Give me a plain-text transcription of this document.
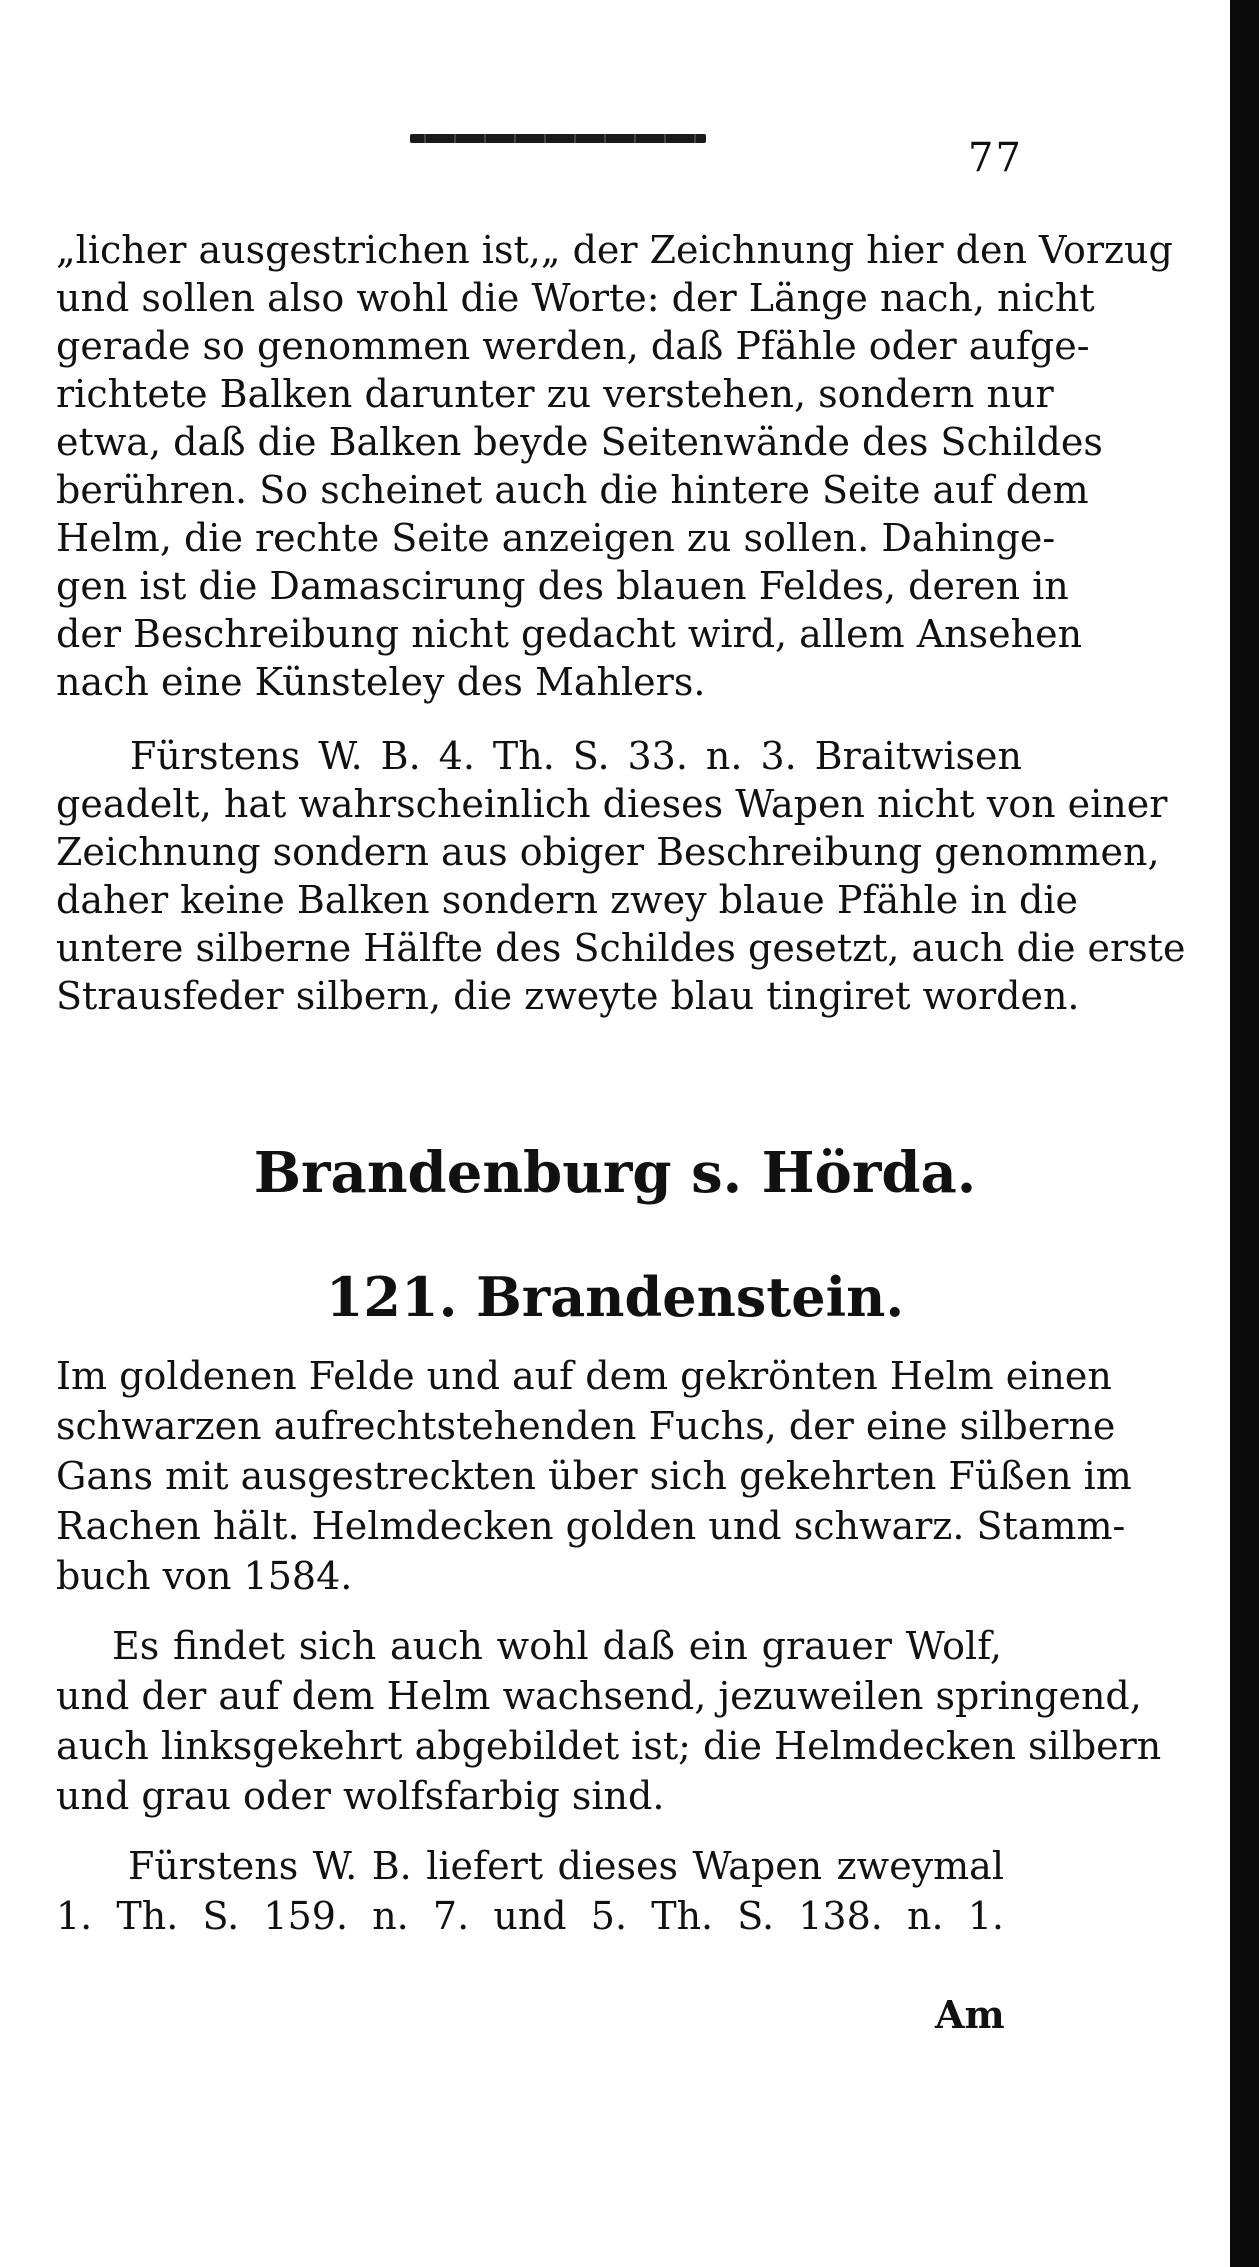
77
„licher ausgestrichen ist,„ der Zeichnung hier den Vorzug
und sollen also wohl die Worte: der Länge nach, nicht
gerade so genommen werden, daß Pfähle oder aufge-
richtete Balken darunter zu verstehen, sondern nur
etwa, daß die Balken beyde Seitenwände des Schildes
berühren. So scheinet auch die hintere Seite auf dem
Helm, die rechte Seite anzeigen zu sollen. Dahinge-
gen ist die Damascirung des blauen Feldes, deren in
der Beschreibung nicht gedacht wird, allem Ansehen
nach eine Künsteley des Mahlers.
Fürstens W. B. 4. Th. S. 33. n. 3. Braitwisen
geadelt, hat wahrscheinlich dieses Wapen nicht von einer
Zeichnung sondern aus obiger Beschreibung genommen,
daher keine Balken sondern zwey blaue Pfähle in die
untere silberne Hälfte des Schildes gesetzt, auch die erste
Strausfeder silbern, die zweyte blau tingiret worden.
Brandenburg s. Hörda.
121. Brandenstein.
Im goldenen Felde und auf dem gekrönten Helm einen
schwarzen aufrechtstehenden Fuchs, der eine silberne
Gans mit ausgestreckten über sich gekehrten Füßen im
Rachen hält. Helmdecken golden und schwarz. Stamm-
buch von 1584.
Es findet sich auch wohl daß ein grauer Wolf,
und der auf dem Helm wachsend, jezuweilen springend,
auch linksgekehrt abgebildet ist; die Helmdecken silbern
und grau oder wolfsfarbig sind.
Fürstens W. B. liefert dieses Wapen zweymal
1. Th. S. 159. n. 7. und 5. Th. S. 138. n. 1.
Am
